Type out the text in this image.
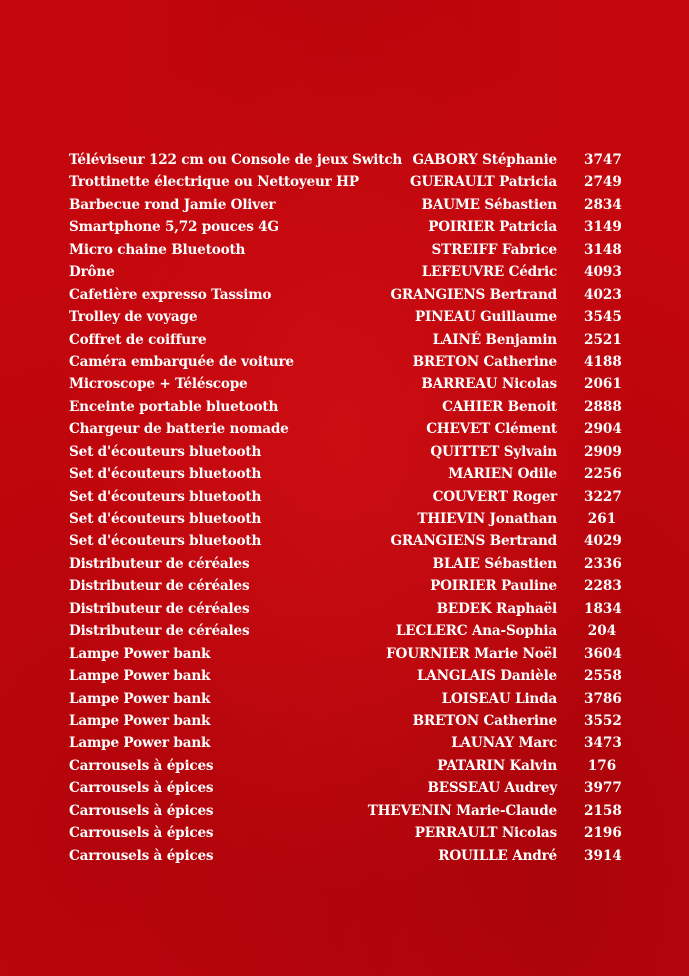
Téléviseur 122 cm ou Console de jeux Switch GABORY Stéphanie 3747
Trottinette électrique ou Nettoyeur HP	GUERAULT Patricia 2749
Barbecue rond Jamie Oliver	BAUME Sébastien 2834
Smartphone 5,72 pouces 4G	POIRIER Patricia 3149
Micro chaine Bluetooth	STREIFF Fabrice 3148
Drône	LEFEUVRE Cédric 4093
Cafetière expresso Tassimo	GRANGIENS Bertrand 4023
Trolley de voyage	PINEAU Guillaume 3545
Coffret de coiffure	LAINÉ Benjamin 2521
Caméra embarquée de voiture	BRETON Catherine 4188
Microscope + Téléscope	BARREAU Nicolas 2061
Enceinte portable bluetooth	CAHIER Benoit 2888
Chargeur de batterie nomade	CHEVET Clément 2904
Set d'écouteurs bluetooth	QUITTET Sylvain 2909
Set d'écouteurs bluetooth	MARIEN Odile 2256
Set d'écouteurs bluetooth	COUVERT Roger 3227
Set d'écouteurs bluetooth	THIEVIN Jonathan 261
Set d'écouteurs bluetooth	GRANGIENS Bertrand 4029
Distributeur de céréales	BLAIE Sébastien 2336
Distributeur de céréales	POIRIER Pauline 2283
Distributeur de céréales	BEDEK Raphaël 1834
Distributeur de céréales	LECLERC Ana-Sophia 204
Lampe Power bank	FOURNIER Marie Noël 3604
Lampe Power bank	LANGLAIS Danièle 2558
Lampe Power bank	LOISEAU Linda 3786
Lampe Power bank	BRETON Catherine 3552
Lampe Power bank	LAUNAY Marc 3473
Carrousels à épices	PATARIN Kalvin 176
Carrousels à épices	BESSEAU Audrey 3977
Carrousels à épices	THEVENIN Marie-Claude 2158
Carrousels à épices	PERRAULT Nicolas 2196
Carrousels à épices	ROUILLE André 3914
